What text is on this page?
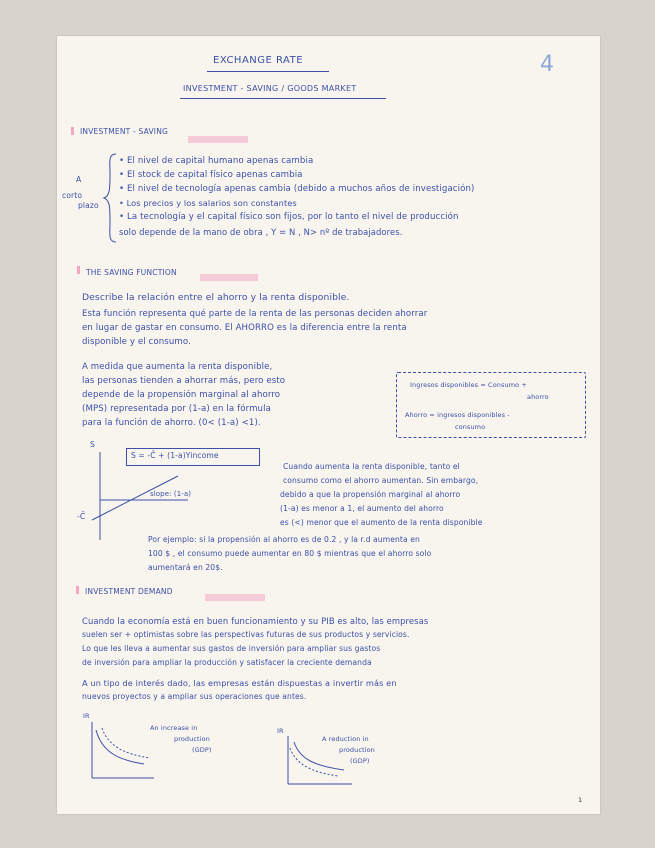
EXCHANGE RATE
INVESTMENT - SAVING / GOODS MARKET
4
INVESTMENT - SAVING
A
corto
plazo
• El nivel de capital humano apenas cambia
• El stock de capital físico apenas cambia
• El nivel de tecnología apenas cambia (debido a muchos años de investigación)
• Los precios y los salarios son constantes
• La tecnología y el capital físico son fijos, por lo tanto el nivel de producción
solo depende de la mano de obra , Y = N , N> nº de trabajadores.
THE SAVING FUNCTION
Describe la relación entre el ahorro y la renta disponible.
Esta función representa qué parte de la renta de las personas deciden ahorrar
en lugar de gastar en consumo. El AHORRO es la diferencia entre la renta
disponible y el consumo.
A medida que aumenta la renta disponible,
las personas tienden a ahorrar más, pero esto
depende de la propensión marginal al ahorro
(MPS) representada por (1-a) en la fórmula
para la función de ahorro. (0< (1-a) <1).
Ingresos disponibles = Consumo +
ahorro
Ahorro = ingresos disponibles -
consumo
S = -C̄ + (1-a)Yincome
S
-C̄
slope: (1-a)
Cuando aumenta la renta disponible, tanto el
consumo como el ahorro aumentan. Sin embargo,
debido a que la propensión marginal al ahorro
(1-a) es menor a 1, el aumento del ahorro
es (<) menor que el aumento de la renta disponible
Por ejemplo: si la propensión al ahorro es de 0.2 , y la r.d aumenta en
100 $ , el consumo puede aumentar en 80 $ mientras que el ahorro solo
aumentará en 20$.
INVESTMENT DEMAND
Cuando la economía está en buen funcionamiento y su PIB es alto, las empresas
suelen ser + optimistas sobre las perspectivas futuras de sus productos y servicios.
Lo que les lleva a aumentar sus gastos de inversión para ampliar sus gastos
de inversión para ampliar la producción y satisfacer la creciente demanda
A un tipo de interés dado, las empresas están dispuestas a invertir más en
nuevos proyectos y a ampliar sus operaciones que antes.
IR
An increase in
production
(GDP)
IR
A reduction in
production
(GDP)
1
